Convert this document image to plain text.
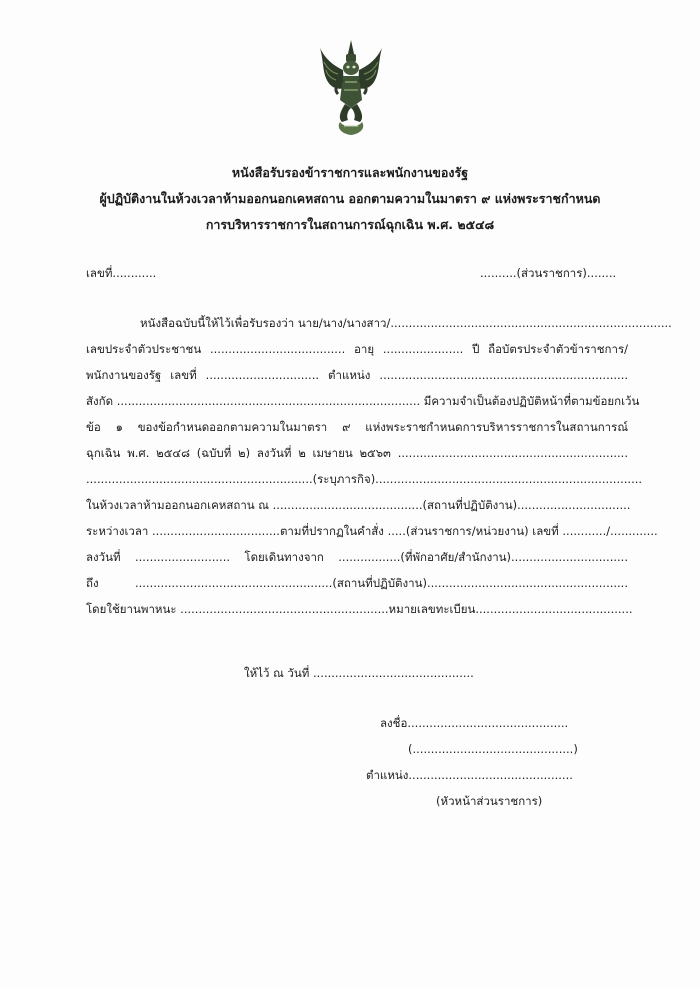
หนังสือรับรองข้าราชการและพนักงานของรัฐ
ผู้ปฏิบัติงานในห้วงเวลาห้ามออกนอกเคหสถาน ออกตามความในมาตรา ๙ แห่งพระราชกำหนด
การบริหารราชการในสถานการณ์ฉุกเฉิน พ.ศ. ๒๕๔๘
เลขที่............	..........(ส่วนราชการ)........
หนังสือฉบับนี้ให้ไว้เพื่อรับรองว่า นาย/นาง/นางสาว/.............................................................................
เลขประจำตัวประชาชน ..................................... อายุ ...................... ปี ถือบัตรประจำตัวข้าราชการ/
พนักงานของรัฐ เลขที่ ............................... ตำแหน่ง ....................................................................
สังกัด ................................................................................... มีความจำเป็นต้องปฏิบัติหน้าที่ตามข้อยกเว้น
ข้อ ๑ ของข้อกำหนดออกตามความในมาตรา ๙ แห่งพระราชกำหนดการบริหารราชการในสถานการณ์
ฉุกเฉิน พ.ศ. ๒๕๔๘ (ฉบับที่ ๒) ลงวันที่ ๒ เมษายน ๒๕๖๓ ...............................................................
..............................................................(ระบุภารกิจ).........................................................................
ในห้วงเวลาห้ามออกนอกเคหสถาน ณ .........................................(สถานที่ปฏิบัติงาน)...............................
ระหว่างเวลา ...................................ตามที่ปรากฏในคำสั่ง .....(ส่วนราชการ/หน่วยงาน) เลขที่ ............/.............
ลงวันที่ .......................... โดยเดินทางจาก .................(ที่พักอาศัย/สำนักงาน)................................
ถึง ......................................................(สถานที่ปฏิบัติงาน).......................................................
โดยใช้ยานพาหนะ .........................................................หมายเลขทะเบียน...........................................
ให้ไว้ ณ วันที่ ............................................
ลงชื่อ............................................
(............................................)
ตำแหน่ง.............................................
(หัวหน้าส่วนราชการ)
